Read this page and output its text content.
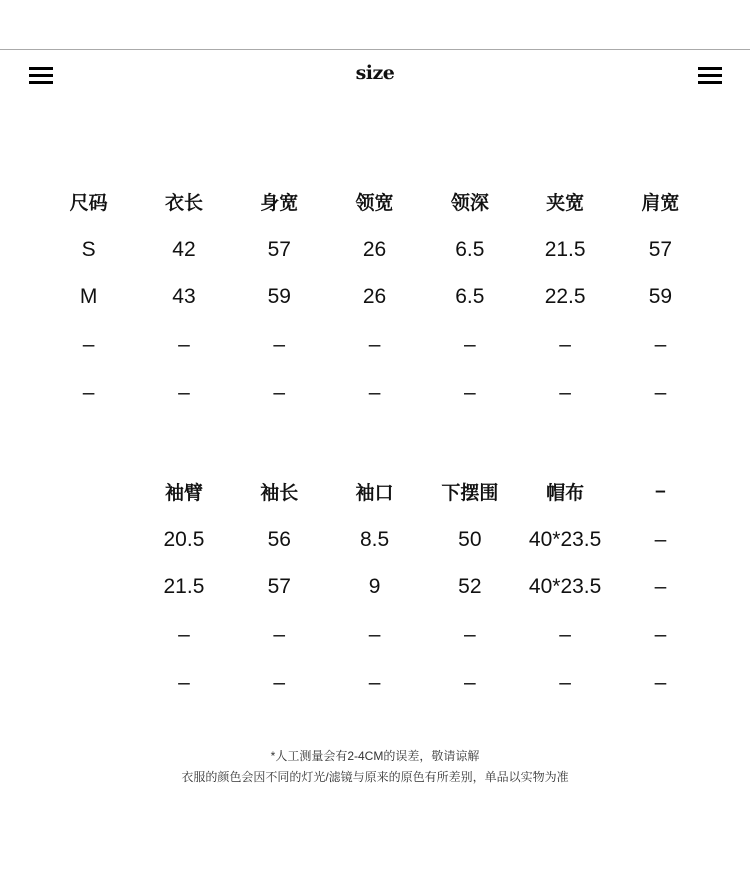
size
尺码	衣长	身宽	领宽	领深	夹宽	肩宽
S	42	57	26	6.5	21.5	57
M	43	59	26	6.5	22.5	59
–	–	–	–	–	–	–
–	–	–	–	–	–	–
	袖臂	袖长	袖口	下摆围	帽布	–
	20.5	56	8.5	50	40*23.5	–
	21.5	57	9	52	40*23.5	–
	–	–	–	–	–	–
	–	–	–	–	–	–
*人工测量会有2-4CM的误差，敬请谅解
衣服的颜色会因不同的灯光/滤镜与原来的原色有所差别，单品以实物为准
